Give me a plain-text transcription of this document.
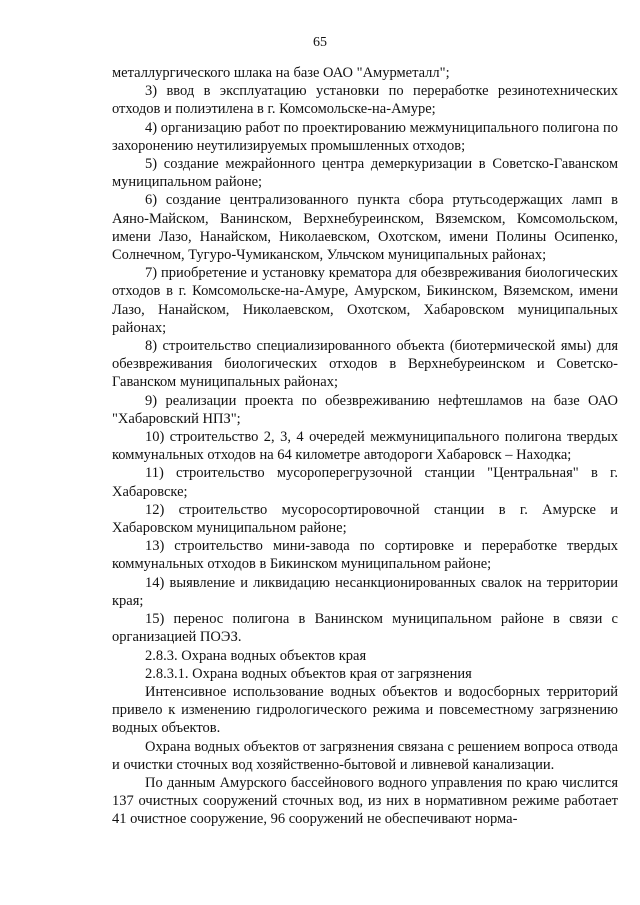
65

металлургического шлака на базе ОАО "Амурметалл";

3) ввод в эксплуатацию установки по переработке резинотехнических отходов и полиэтилена в г. Комсомольске-на-Амуре;

4) организацию работ по проектированию межмуниципального полигона по захоронению неутилизируемых промышленных отходов;

5) создание межрайонного центра демеркуризации в Советско-Гаванском муниципальном районе;

6) создание централизованного пункта сбора ртутьсодержащих ламп в Аяно-Майском, Ванинском, Верхнебуреинском, Вяземском, Комсомольском, имени Лазо, Нанайском, Николаевском, Охотском, имени Полины Осипенко, Солнечном, Тугуро-Чумиканском, Ульчском муниципальных районах;

7) приобретение и установку крематора для обезвреживания биологических отходов в г. Комсомольске-на-Амуре, Амурском, Бикинском, Вяземском, имени Лазо, Нанайском, Николаевском, Охотском, Хабаровском муниципальных районах;

8) строительство специализированного объекта (биотермической ямы) для обезвреживания биологических отходов в Верхнебуреинском и Советско-Гаванском муниципальных районах;

9) реализации проекта по обезвреживанию нефтешламов на базе ОАО "Хабаровский НПЗ";

10) строительство 2, 3, 4 очередей межмуниципального полигона твердых коммунальных отходов на 64 километре автодороги Хабаровск – Находка;

11) строительство мусороперегрузочной станции "Центральная" в г. Хабаровске;

12) строительство мусоросортировочной станции в г. Амурске и Хабаровском муниципальном районе;

13) строительство мини-завода по сортировке и переработке твердых коммунальных отходов в Бикинском муниципальном районе;

14) выявление и ликвидацию несанкционированных свалок на территории края;

15) перенос полигона в Ванинском муниципальном районе в связи с организацией ПОЭЗ.

2.8.3. Охрана водных объектов края

2.8.3.1. Охрана водных объектов края от загрязнения

Интенсивное использование водных объектов и водосборных территорий привело к изменению гидрологического режима и повсеместному загрязнению водных объектов.

Охрана водных объектов от загрязнения связана с решением вопроса отвода и очистки сточных вод хозяйственно-бытовой и ливневой канализации.

По данным Амурского бассейнового водного управления по краю числится 137 очистных сооружений сточных вод, из них в нормативном режиме работает 41 очистное сооружение, 96 сооружений не обеспечивают норма-
